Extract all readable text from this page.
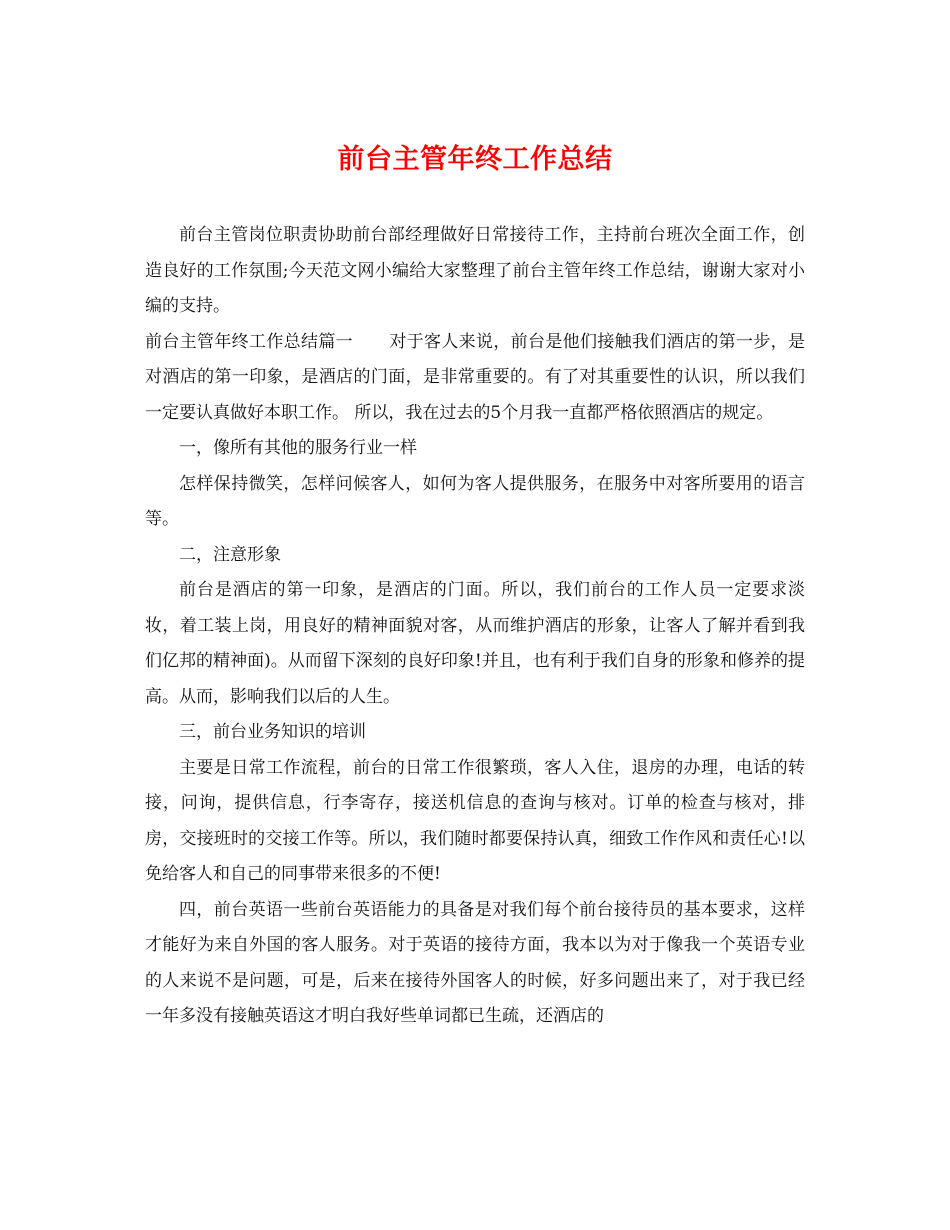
前台主管年终工作总结

前台主管岗位职责协助前台部经理做好日常接待工作，主持前台班次全面工作，创造良好的工作氛围;今天范文网小编给大家整理了前台主管年终工作总结，谢谢大家对小编的支持。

前台主管年终工作总结篇一 对于客人来说，前台是他们接触我们酒店的第一步，是对酒店的第一印象，是酒店的门面，是非常重要的。有了对其重要性的认识，所以我们一定要认真做好本职工作。 所以，我在过去的5个月我一直都严格依照酒店的规定。

一，像所有其他的服务行业一样

怎样保持微笑，怎样问候客人，如何为客人提供服务，在服务中对客所要用的语言等。

二，注意形象

前台是酒店的第一印象，是酒店的门面。所以，我们前台的工作人员一定要求淡妆，着工装上岗，用良好的精神面貌对客，从而维护酒店的形象，让客人了解并看到我们亿邦的精神面)。从而留下深刻的良好印象!并且，也有利于我们自身的形象和修养的提高。从而，影响我们以后的人生。

三，前台业务知识的培训

主要是日常工作流程，前台的日常工作很繁琐，客人入住，退房的办理，电话的转接，问询，提供信息，行李寄存，接送机信息的查询与核对。订单的检查与核对，排房，交接班时的交接工作等。所以，我们随时都要保持认真，细致工作作风和责任心!以免给客人和自己的同事带来很多的不便!

四，前台英语一些前台英语能力的具备是对我们每个前台接待员的基本要求，这样才能好为来自外国的客人服务。对于英语的接待方面，我本以为对于像我一个英语专业的人来说不是问题，可是，后来在接待外国客人的时候，好多问题出来了，对于我已经一年多没有接触英语这才明白我好些单词都已生疏，还酒店的
